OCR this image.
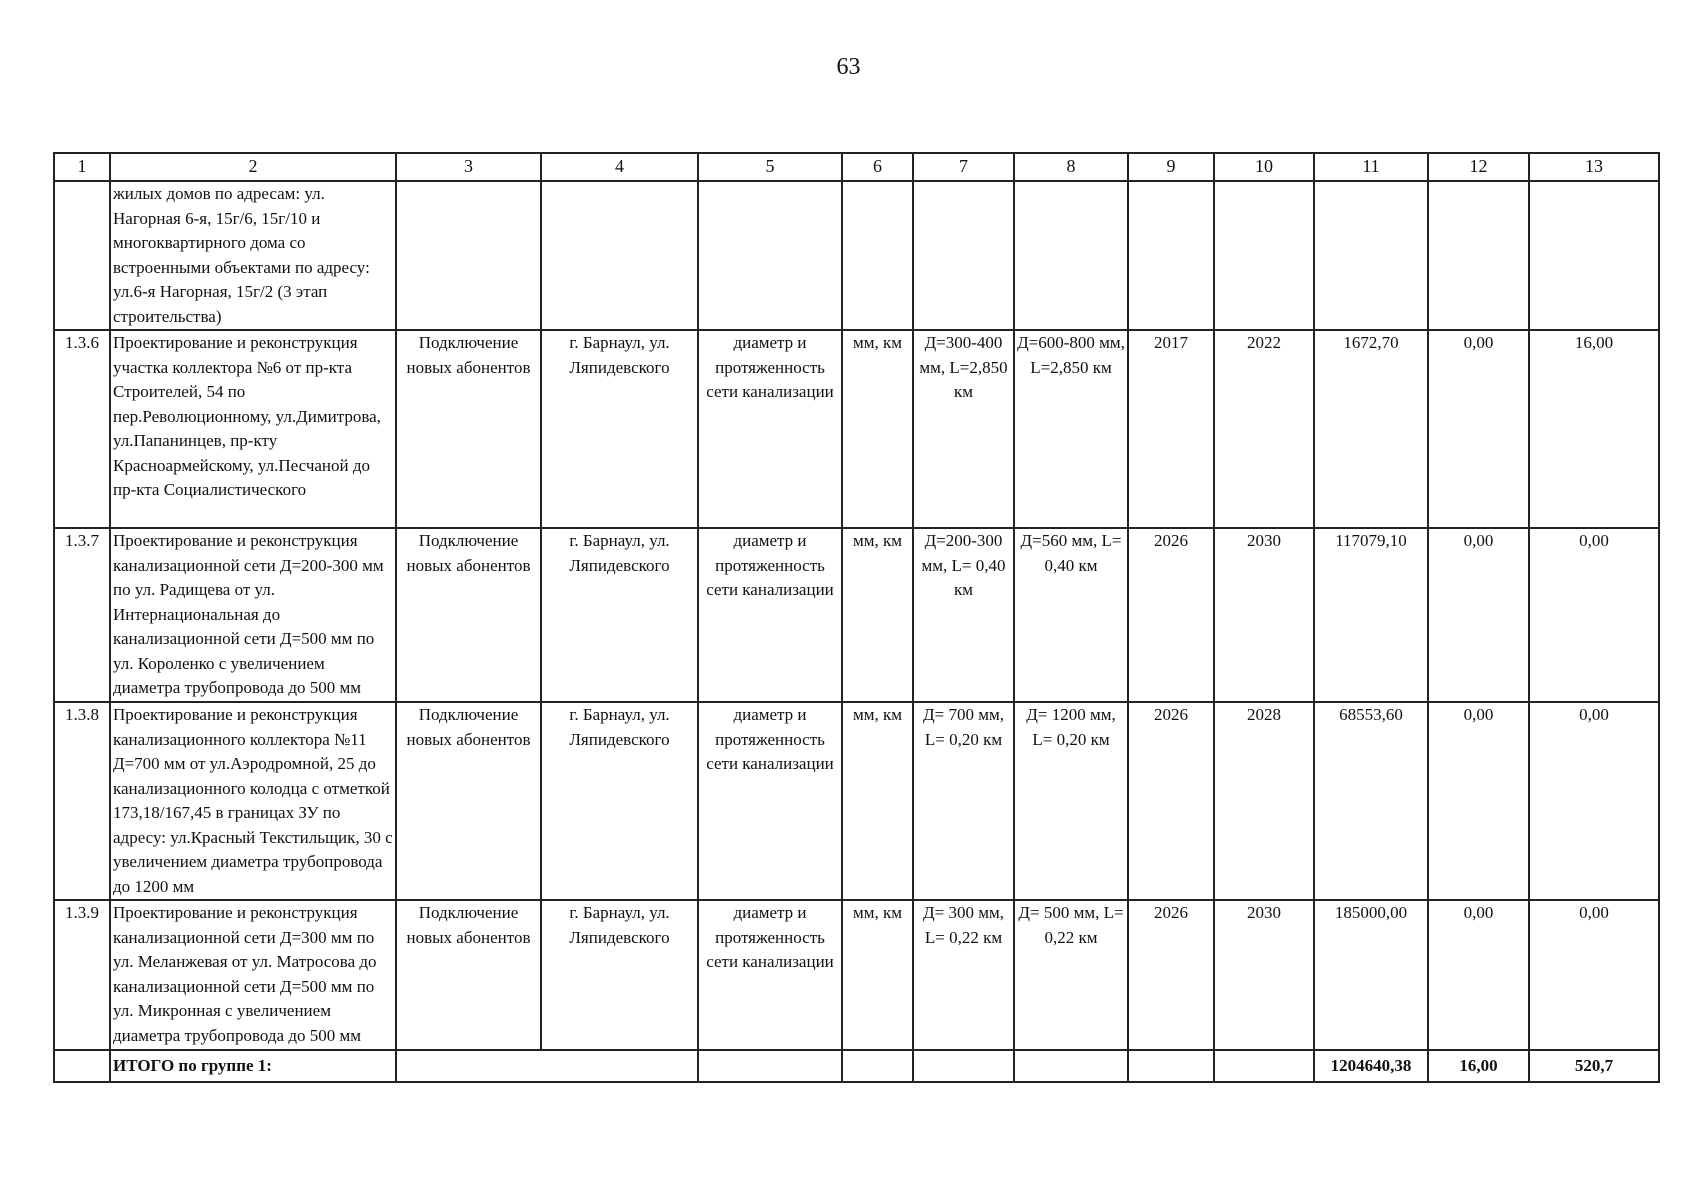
63
1	2	3	4	5	6	7	8	9	10	11	12	13
	жилых домов по адресам: ул. Нагорная 6-я, 15г/6, 15г/10 и многоквартирного дома со встроенными объектами по адресу: ул.6-я Нагорная, 15г/2 (3 этап строительства)											
1.3.6	Проектирование и реконструкция участка коллектора №6 от пр-кта Строителей, 54 по пер.Революционному, ул.Димитрова, ул.Папанинцев, пр-кту Красноармейскому, ул.Песчаной до пр-кта Социалистического	Подключение новых абонентов	г. Барнаул, ул. Ляпидевского	диаметр и протяженность сети канализации	мм, км	Д=300-400 мм, L=2,850 км	Д=600-800 мм, L=2,850 км	2017	2022	1672,70	0,00	16,00
1.3.7	Проектирование и реконструкция канализационной сети Д=200-300 мм по ул. Радищева от ул. Интернациональная до канализационной сети Д=500 мм по ул. Короленко с увеличением диаметра трубопровода до 500 мм	Подключение новых абонентов	г. Барнаул, ул. Ляпидевского	диаметр и протяженность сети канализации	мм, км	Д=200-300 мм, L= 0,40 км	Д=560 мм, L= 0,40 км	2026	2030	117079,10	0,00	0,00
1.3.8	Проектирование и реконструкция канализационного коллектора №11 Д=700 мм от ул.Аэродромной, 25 до канализационного колодца с отметкой 173,18/167,45 в границах ЗУ по адресу: ул.Красный Текстильщик, 30 с увеличением диаметра трубопровода до 1200 мм	Подключение новых абонентов	г. Барнаул, ул. Ляпидевского	диаметр и протяженность сети канализации	мм, км	Д= 700 мм, L= 0,20 км	Д= 1200 мм, L= 0,20 км	2026	2028	68553,60	0,00	0,00
1.3.9	Проектирование и реконструкция канализационной сети Д=300 мм по ул. Меланжевая от ул. Матросова до канализационной сети Д=500 мм по ул. Микронная с увеличением диаметра трубопровода до 500 мм	Подключение новых абонентов	г. Барнаул, ул. Ляпидевского	диаметр и протяженность сети канализации	мм, км	Д= 300 мм, L= 0,22 км	Д= 500 мм, L= 0,22 км	2026	2030	185000,00	0,00	0,00
	ИТОГО по группе 1:									1204640,38	16,00	520,7
